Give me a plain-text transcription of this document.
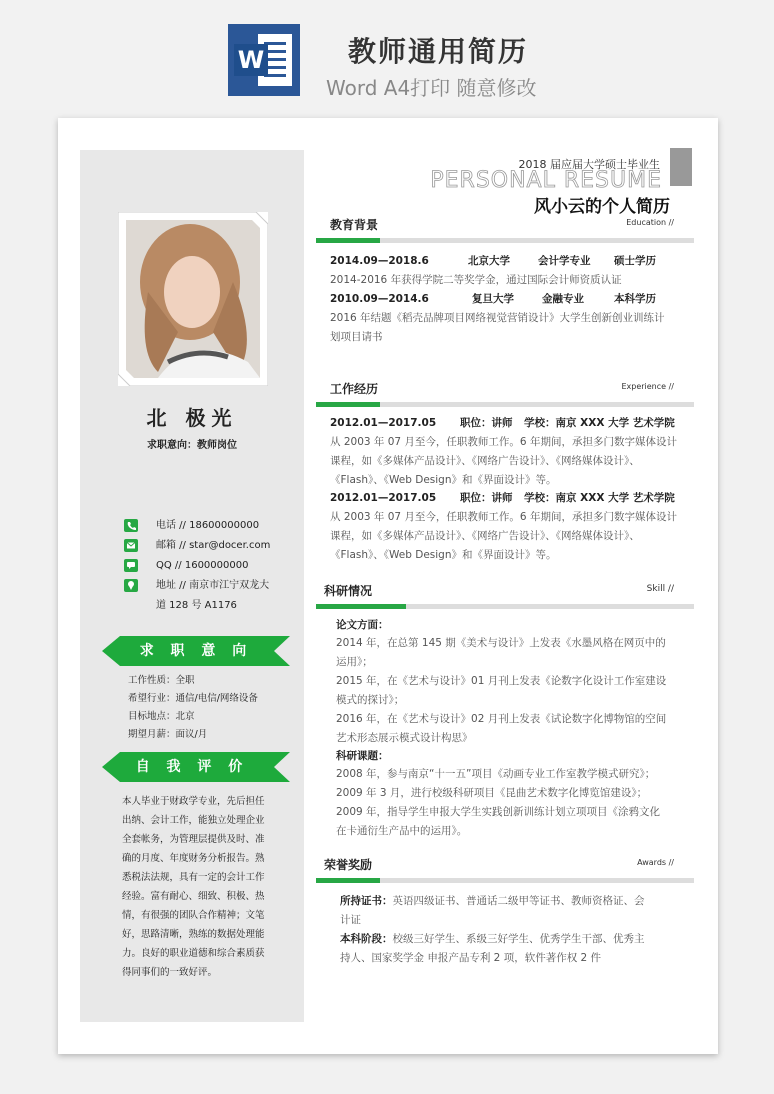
W	教师通用简历
Word A4打印 随意修改
北 极光
求职意向：教师岗位
电话 // 18600000000
邮箱 // star@docer.com
QQ // 1600000000
地址 // 南京市江宁双龙大道 128 号 A1176
求 职 意 向
工作性质：全职
希望行业：通信/电信/网络设备
目标地点：北京
期望月薪：面议/月
自 我 评 价
本人毕业于财政学专业，先后担任出纳、会计工作，能独立处理企业全套帐务，为管理层提供及时、准确的月度、年度财务分析报告。熟悉税法法规，具有一定的会计工作经验。富有耐心、细致、积极、热情，有很强的团队合作精神；文笔好，思路清晰，熟练的数据处理能力。良好的职业道德和综合素质获得同事们的一致好评。
2018 届应届大学硕士毕业生
PERSONAL RESUME
风小云的个人简历
教育背景	Education //
2014.09—2018.6	北京大学	会计学专业 硕士学历
2014-2016 年获得学院二等奖学金，通过国际会计师资质认证
2010.09—2014.6	复旦大学	金融专业	本科学历
2016 年结题《稻壳品牌项目网络视觉营销设计》大学生创新创业训练计
划项目请书
工作经历	Experience //
2012.01—2017.05 职位：讲师 学校：南京 XXX 大学 艺术学院
从 2003 年 07 月至今，任职教师工作。6 年期间，承担多门数字媒体设计
课程，如《多媒体产品设计》、《网络广告设计》、《网络媒体设计》、
《Flash》、《Web Design》和《界面设计》等。
2012.01—2017.05 职位：讲师 学校：南京 XXX 大学 艺术学院
从 2003 年 07 月至今，任职教师工作。6 年期间，承担多门数字媒体设计
课程，如《多媒体产品设计》、《网络广告设计》、《网络媒体设计》、
《Flash》、《Web Design》和《界面设计》等。
科研情况	Skill //
论文方面：
2014 年，在总第 145 期《美术与设计》上发表《水墨风格在网页中的
运用》；
2015 年，在《艺术与设计》01 月刊上发表《论数字化设计工作室建设
模式的探讨》；
2016 年，在《艺术与设计》02 月刊上发表《试论数字化博物馆的空间
艺术形态展示模式设计构思》
科研课题：
2008 年，参与南京“十一五”项目《动画专业工作室教学模式研究》；
2009 年 3 月，进行校级科研项目《昆曲艺术数字化博览馆建设》；
2009 年，指导学生申报大学生实践创新训练计划立项项目《涂鸦文化
在卡通衍生产品中的运用》。
荣誉奖励	Awards //
所持证书：英语四级证书、普通话二级甲等证书、教师资格证、会
计证
本科阶段：校级三好学生、系级三好学生、优秀学生干部、优秀主
持人、国家奖学金 申报产品专利 2 项，软件著作权 2 件
